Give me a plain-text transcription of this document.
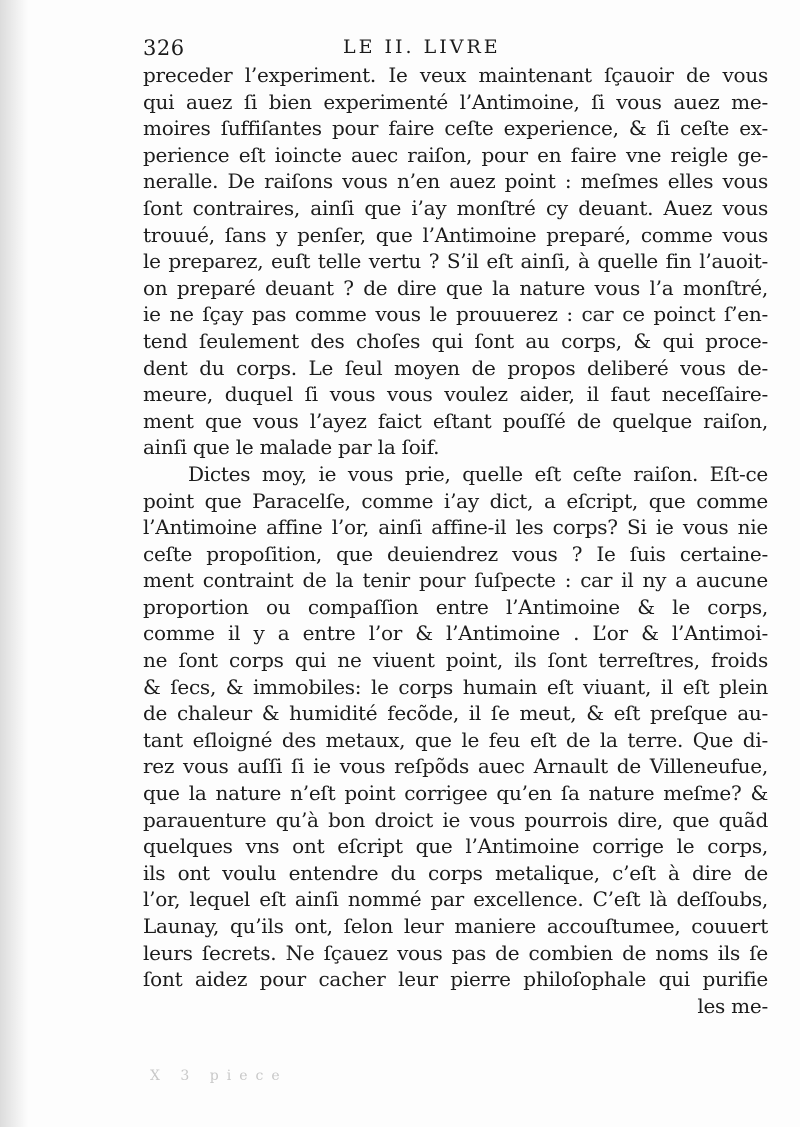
326	LE II. LIVRE
preceder l’experiment. Ie veux maintenant ſçauoir de vous
qui auez ſi bien experimenté l’Antimoine, ſi vous auez me-
moires ſuffiſantes pour faire ceſte experience, & ſi ceſte ex-
perience eſt ioincte auec raiſon, pour en faire vne reigle ge-
neralle. De raiſons vous n’en auez point : meſmes elles vous
ſont contraires, ainſi que i’ay monſtré cy deuant. Auez vous
trouué, ſans y penſer, que l’Antimoine preparé, comme vous
le preparez, euſt telle vertu ? S’il eſt ainſi, à quelle fin l’auoit-
on preparé deuant ? de dire que la nature vous l’a monſtré,
ie ne ſçay pas comme vous le prouuerez : car ce poinct ſ’en-
tend ſeulement des choſes qui ſont au corps, & qui proce-
dent du corps. Le ſeul moyen de propos deliberé vous de-
meure, duquel ſi vous vous voulez aider, il faut neceſſaire-
ment que vous l’ayez faict eſtant pouſſé de quelque raiſon,
ainſi que le malade par la ſoif.
Dictes moy, ie vous prie, quelle eſt ceſte raiſon. Eſt-ce
point que Paracelſe, comme i’ay dict, a eſcript, que comme
l’Antimoine affine l’or, ainſi affine-il les corps? Si ie vous nie
ceſte propoſition, que deuiendrez vous ? Ie ſuis certaine-
ment contraint de la tenir pour ſuſpecte : car il ny a aucune
proportion ou compaſſion entre l’Antimoine & le corps,
comme il y a entre l’or & l’Antimoine . L’or & l’Antimoi-
ne ſont corps qui ne viuent point, ils ſont terreſtres, froids
& ſecs, & immobiles: le corps humain eſt viuant, il eſt plein
de chaleur & humidité fecõde, il ſe meut, & eſt preſque au-
tant eſloigné des metaux, que le feu eſt de la terre. Que di-
rez vous auſſi ſi ie vous reſpõds auec Arnault de Villeneufue,
que la nature n’eſt point corrigee qu’en ſa nature meſme? &
parauenture qu’à bon droict ie vous pourrois dire, que quãd
quelques vns ont eſcript que l’Antimoine corrige le corps,
ils ont voulu entendre du corps metalique, c’eſt à dire de
l’or, lequel eſt ainſi nommé par excellence. C’eſt là deſſoubs,
Launay, qu’ils ont, ſelon leur maniere accouſtumee, couuert
leurs ſecrets. Ne ſçauez vous pas de combien de noms ils ſe
ſont aidez pour cacher leur pierre philoſophale qui purifie
les me-
X 3 piece
